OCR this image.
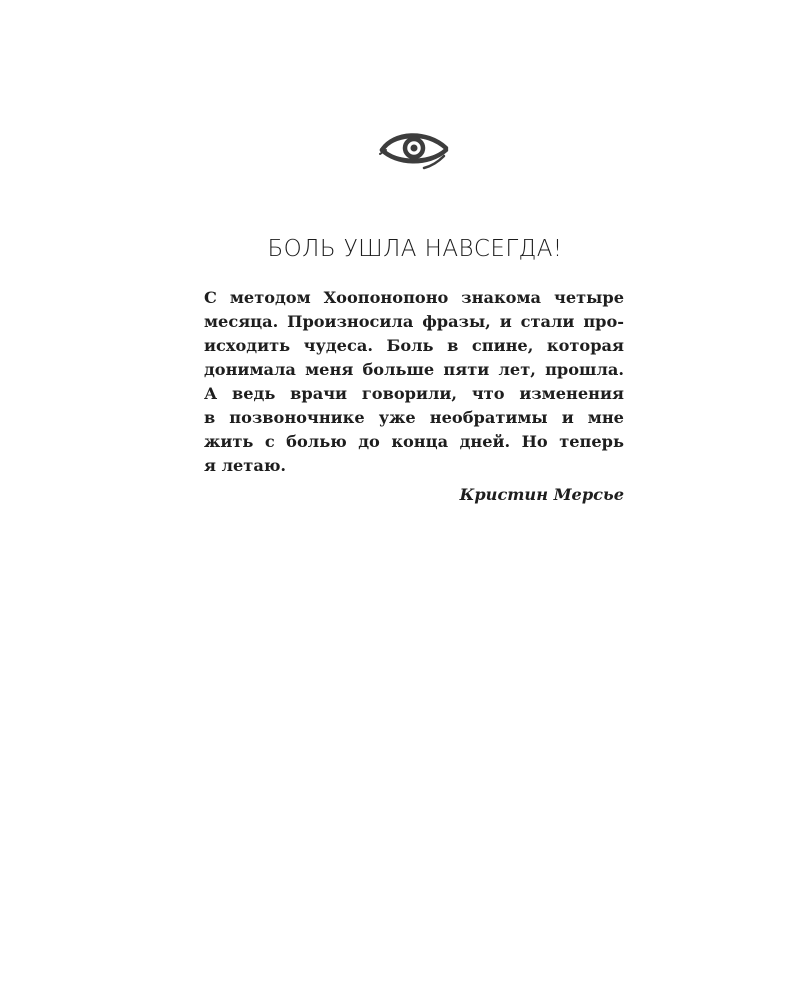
БОЛЬ УШЛА НАВСЕГДА!
С методом Хоопонопоно знакома четыре
месяца. Произносила фразы, и стали про-
исходить чудеса. Боль в спине, которая
донимала меня больше пяти лет, прошла.
А ведь врачи говорили, что изменения
в позвоночнике уже необратимы и мне
жить с болью до конца дней. Но теперь
я летаю.
Кристин Мерсье
